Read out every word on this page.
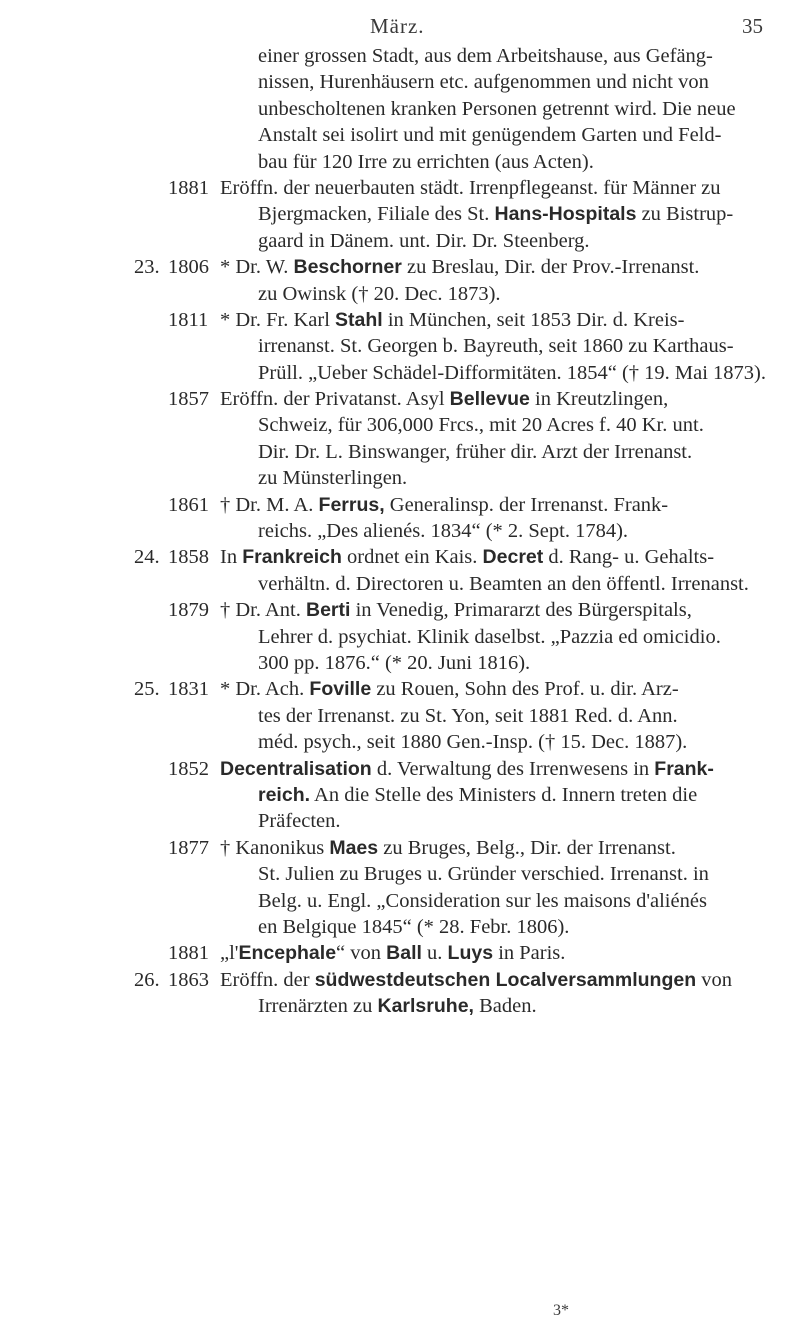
März.	35
einer grossen Stadt, aus dem Arbeitshause, aus Gefäng-
nissen, Hurenhäusern etc. aufgenommen und nicht von
unbescholtenen kranken Personen getrennt wird. Die neue
Anstalt sei isolirt und mit genügendem Garten und Feld-
bau für 120 Irre zu errichten (aus Acten).
1881 Eröffn. der neuerbauten städt. Irrenpflegeanst. für Männer zu
Bjergmacken, Filiale des St. Hans-Hospitals zu Bistrup-
gaard in Dänem. unt. Dir. Dr. Steenberg.
23. 1806 * Dr. W. Beschorner zu Breslau, Dir. der Prov.-Irrenanst.
zu Owinsk († 20. Dec. 1873).
1811 * Dr. Fr. Karl Stahl in München, seit 1853 Dir. d. Kreis-
irrenanst. St. Georgen b. Bayreuth, seit 1860 zu Karthaus-
Prüll. „Ueber Schädel-Difformitäten. 1854“ († 19. Mai 1873).
1857 Eröffn. der Privatanst. Asyl Bellevue in Kreutzlingen,
Schweiz, für 306,000 Frcs., mit 20 Acres f. 40 Kr. unt.
Dir. Dr. L. Binswanger, früher dir. Arzt der Irrenanst.
zu Münsterlingen.
1861 † Dr. M. A. Ferrus, Generalinsp. der Irrenanst. Frank-
reichs. „Des alienés. 1834“ (* 2. Sept. 1784).
24. 1858 In Frankreich ordnet ein Kais. Decret d. Rang- u. Gehalts-
verhältn. d. Directoren u. Beamten an den öffentl. Irrenanst.
1879 † Dr. Ant. Berti in Venedig, Primararzt des Bürgerspitals,
Lehrer d. psychiat. Klinik daselbst. „Pazzia ed omicidio.
300 pp. 1876.“ (* 20. Juni 1816).
25. 1831 * Dr. Ach. Foville zu Rouen, Sohn des Prof. u. dir. Arz-
tes der Irrenanst. zu St. Yon, seit 1881 Red. d. Ann.
méd. psych., seit 1880 Gen.-Insp. († 15. Dec. 1887).
1852 Decentralisation d. Verwaltung des Irrenwesens in Frank-
reich. An die Stelle des Ministers d. Innern treten die
Präfecten.
1877 † Kanonikus Maes zu Bruges, Belg., Dir. der Irrenanst.
St. Julien zu Bruges u. Gründer verschied. Irrenanst. in
Belg. u. Engl. „Consideration sur les maisons d'aliénés
en Belgique 1845“ (* 28. Febr. 1806).
1881 „l'Encephale“ von Ball u. Luys in Paris.
26. 1863 Eröffn. der südwestdeutschen Localversammlungen von
Irrenärzten zu Karlsruhe, Baden.
3*
